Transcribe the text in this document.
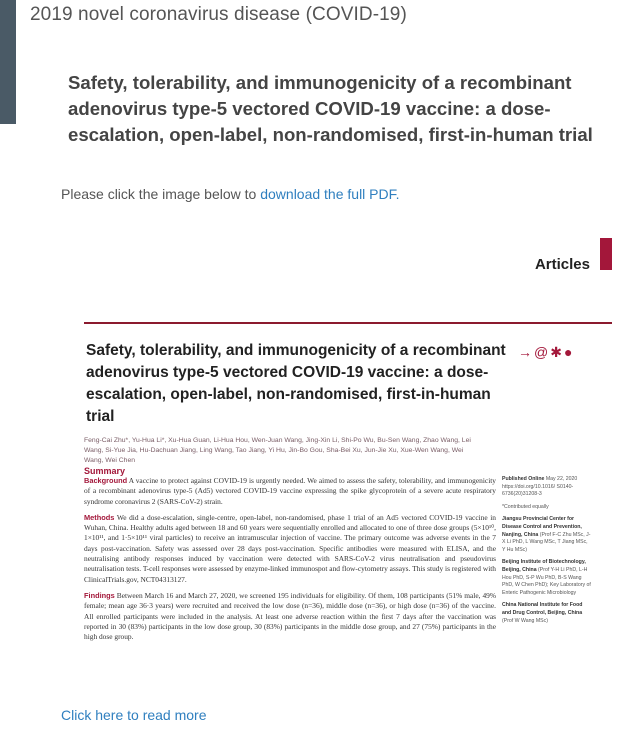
2019 novel coronavirus disease (COVID-19)
Safety, tolerability, and immunogenicity of a recombinant adenovirus type-5 vectored COVID-19 vaccine: a dose-escalation, open-label, non-randomised, first-in-human trial
Please click the image below to download the full PDF.
Articles
Safety, tolerability, and immunogenicity of a recombinant adenovirus type-5 vectored COVID-19 vaccine: a dose-escalation, open-label, non-randomised, first-in-human trial
→@✱●
Feng-Cai Zhu*, Yu-Hua Li*, Xu-Hua Guan, Li-Hua Hou, Wen-Juan Wang, Jing-Xin Li, Shi-Po Wu, Bu-Sen Wang, Zhao Wang, Lei Wang, Si-Yue Jia, Hu-Dachuan Jiang, Ling Wang, Tao Jiang, Yi Hu, Jin-Bo Gou, Sha-Bei Xu, Jun-Jie Xu, Xue-Wen Wang, Wei Wang, Wei Chen
Summary

Background A vaccine to protect against COVID-19 is urgently needed. We aimed to assess the safety, tolerability, and immunogenicity of a recombinant adenovirus type-5 (Ad5) vectored COVID-19 vaccine expressing the spike glycoprotein of a severe acute respiratory syndrome coronavirus 2 (SARS-CoV-2) strain.

Methods We did a dose-escalation, single-centre, open-label, non-randomised, phase 1 trial of an Ad5 vectored COVID-19 vaccine in Wuhan, China. Healthy adults aged between 18 and 60 years were sequentially enrolled and allocated to one of three dose groups (5×10¹⁰, 1×10¹¹, and 1·5×10¹¹ viral particles) to receive an intramuscular injection of vaccine. The primary outcome was adverse events in the 7 days post-vaccination. Safety was assessed over 28 days post-vaccination. Specific antibodies were measured with ELISA, and the neutralising antibody responses induced by vaccination were detected with SARS-CoV-2 virus neutralisation and pseudovirus neutralisation tests. T-cell responses were assessed by enzyme-linked immunospot and flow-cytometry assays. This study is registered with ClinicalTrials.gov, NCT04313127.

Findings Between March 16 and March 27, 2020, we screened 195 individuals for eligibility. Of them, 108 participants (51% male, 49% female; mean age 36·3 years) were recruited and received the low dose (n=36), middle dose (n=36), or high dose (n=36) of the vaccine. All enrolled participants were included in the analysis. At least one adverse reaction within the first 7 days after the vaccination was reported in 30 (83%) participants in the low dose group, 30 (83%) participants in the middle dose group, and 27 (75%) participants in the high dose group.

Published Online May 22, 2020 https://doi.org/10.1016/ S0140-6736(20)31208-3

*Contributed equally

Jiangsu Provincial Center for Disease Control and Prevention, Nanjing, China (Prof F-C Zhu MSc, J-X Li PhD, L Wang MSc, T Jiang MSc, Y Hu MSc)

Beijing Institute of Biotechnology, Beijing, China (Prof Y-H Li PhD, L-H Hou PhD, S-P Wu PhD, B-S Wang PhD, W Chen PhD); Key Laboratory of Enteric Pathogenic Microbiology

China National Institute for Food and Drug Control, Beijing, China (Prof W Wang MSc)

Click here to read more
